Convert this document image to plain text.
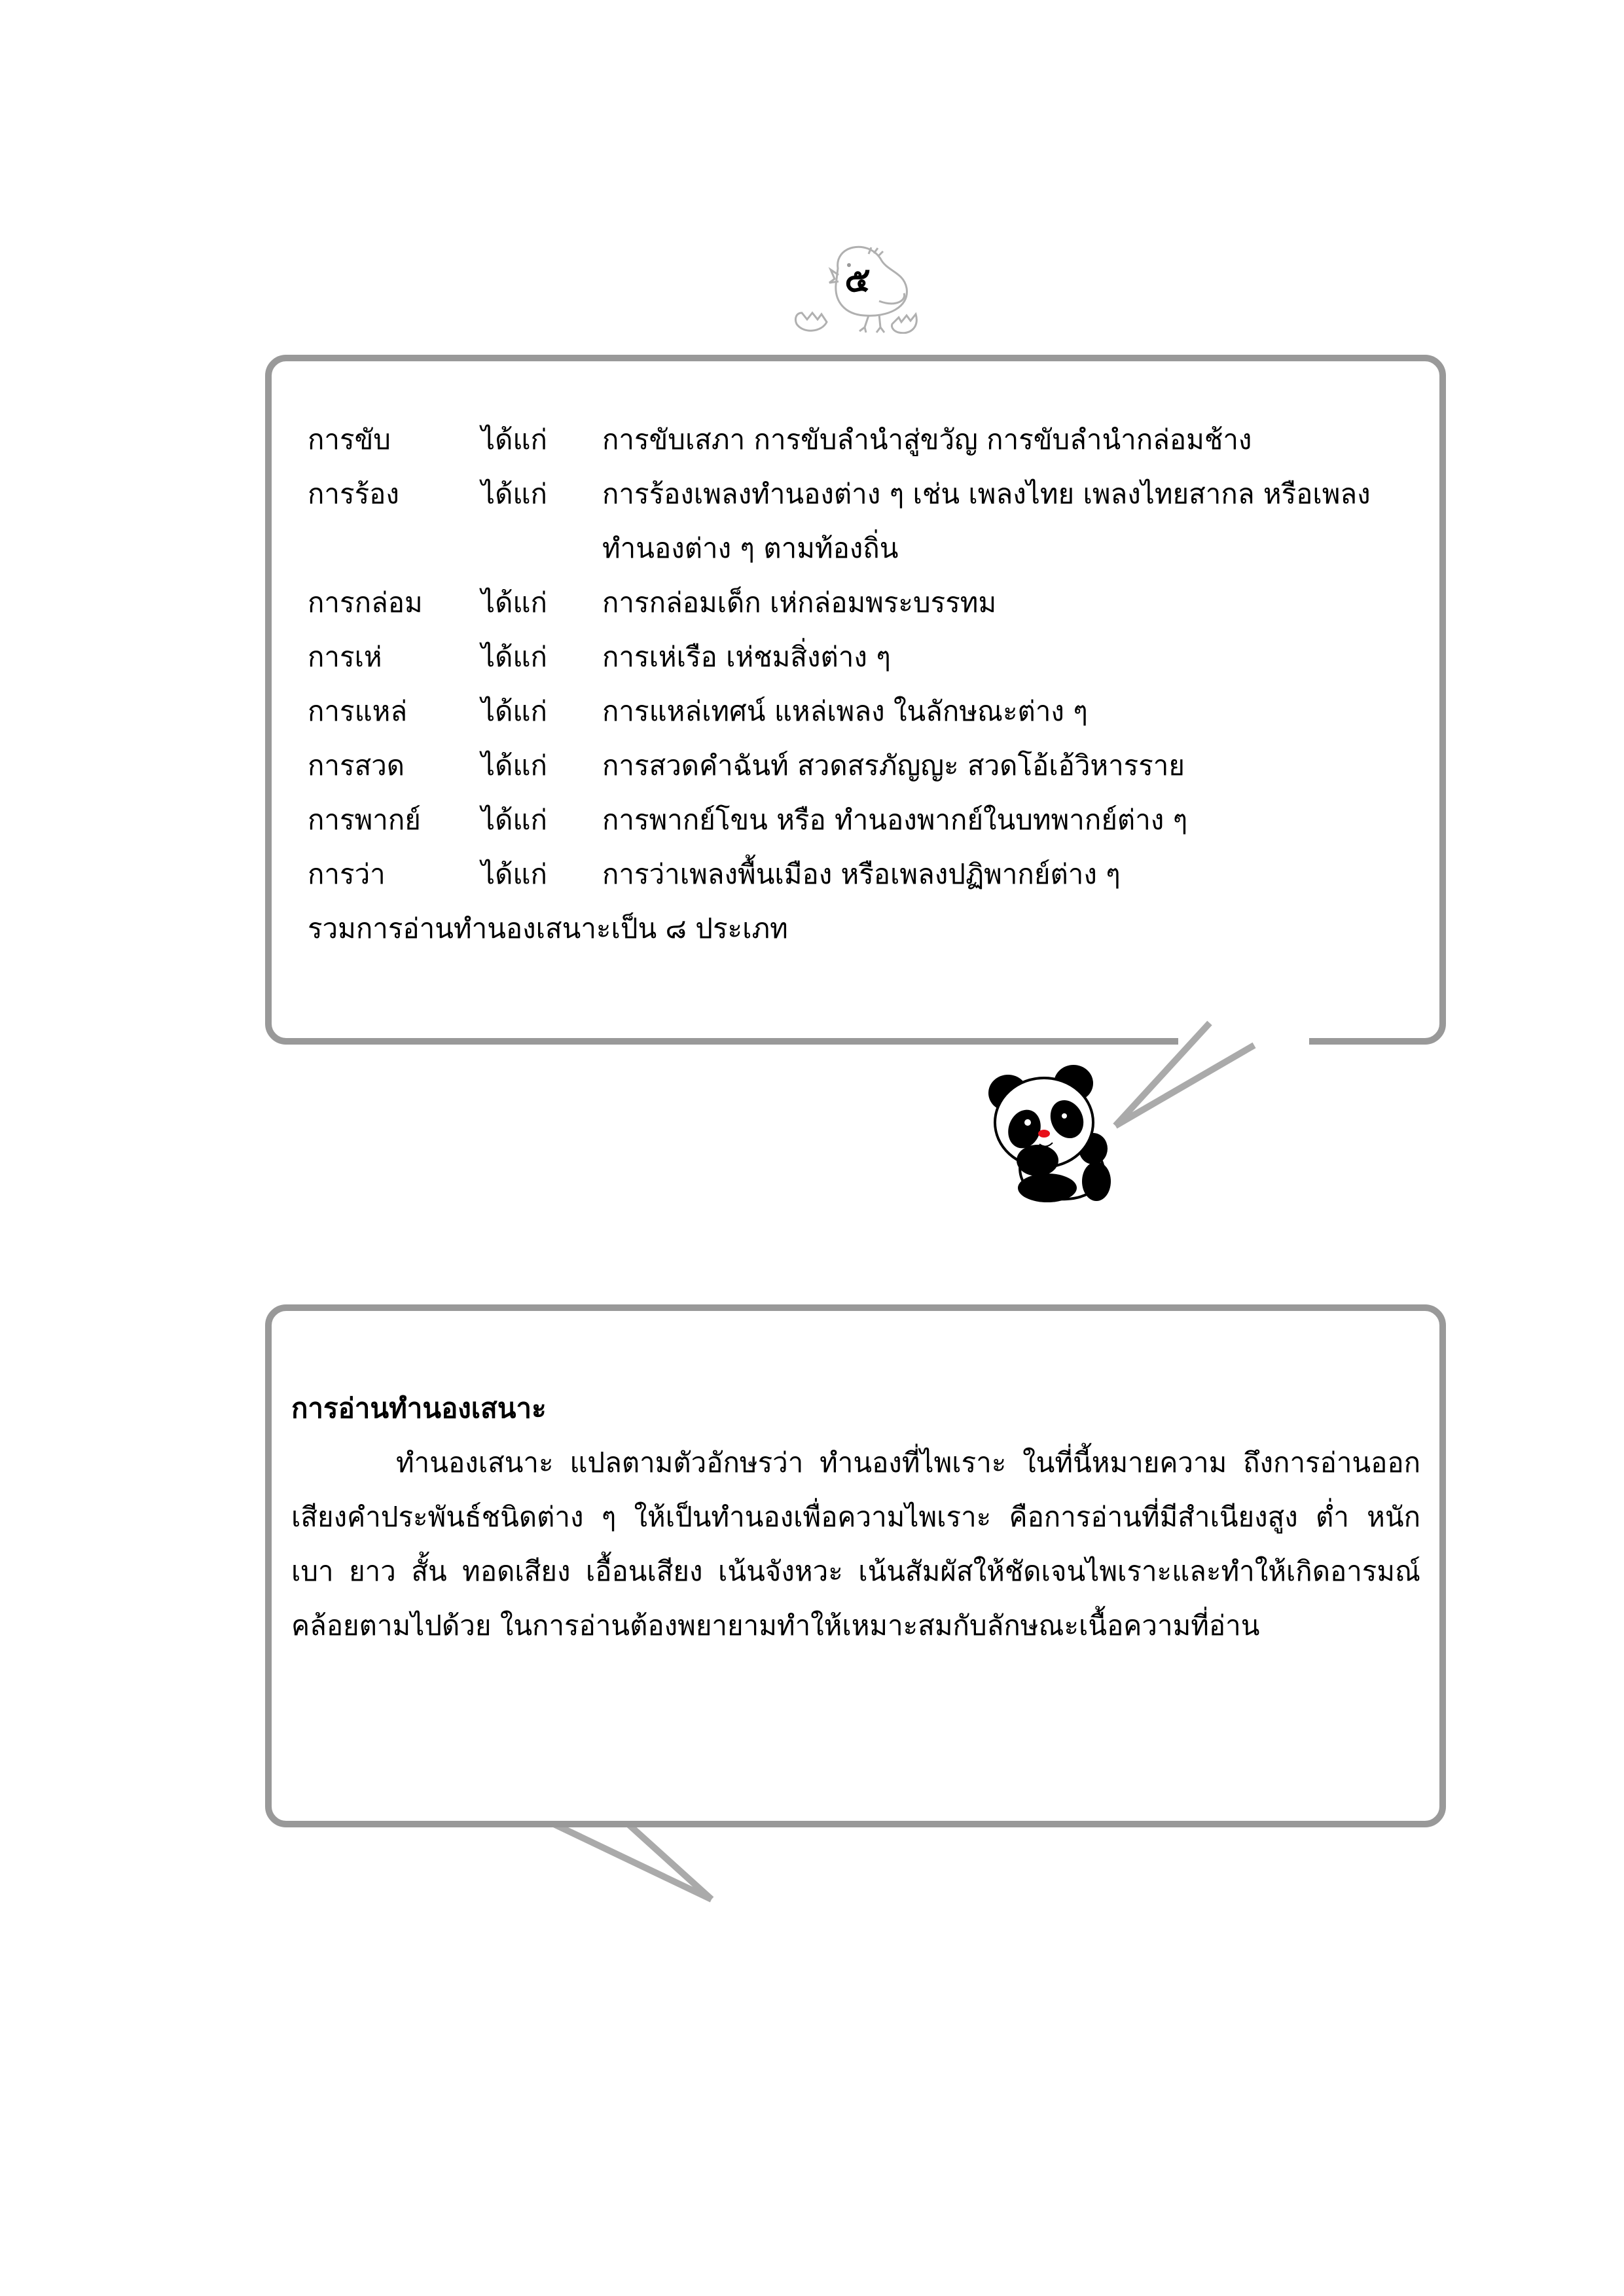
๕
การขับ	ได้แก่	การขับเสภา การขับลำนำสู่ขวัญ การขับลำนำกล่อมช้าง
การร้อง	ได้แก่	การร้องเพลงทำนองต่าง ๆ เช่น เพลงไทย เพลงไทยสากล หรือเพลง
ทำนองต่าง ๆ ตามท้องถิ่น
การกล่อม	ได้แก่	การกล่อมเด็ก เห่กล่อมพระบรรทม
การเห่	ได้แก่	การเห่เรือ เห่ชมสิ่งต่าง ๆ
การแหล่	ได้แก่	การแหล่เทศน์ แหล่เพลง ในลักษณะต่าง ๆ
การสวด	ได้แก่	การสวดคำฉันท์ สวดสรภัญญะ สวดโอ้เอ้วิหารราย
การพากย์	ได้แก่	การพากย์โขน หรือ ทำนองพากย์ในบทพากย์ต่าง ๆ
การว่า	ได้แก่	การว่าเพลงพื้นเมือง หรือเพลงปฏิพากย์ต่าง ๆ
รวมการอ่านทำนองเสนาะเป็น ๘ ประเภท
การอ่านทำนองเสนาะ
ทำนองเสนาะ แปลตามตัวอักษรว่า ทำนองที่ไพเราะ ในที่นี้หมายความ ถึงการอ่านออกเสียงคำประพันธ์ชนิดต่าง ๆ ให้เป็นทำนองเพื่อความไพเราะ คือการอ่านที่มีสำเนียงสูง ต่ำ หนัก เบา ยาว สั้น ทอดเสียง เอื้อนเสียง เน้นจังหวะ เน้นสัมผัสให้ชัดเจนไพเราะและทำให้เกิดอารมณ์คล้อยตามไปด้วย ในการอ่านต้องพยายามทำให้เหมาะสมกับลักษณะเนื้อความที่อ่าน
